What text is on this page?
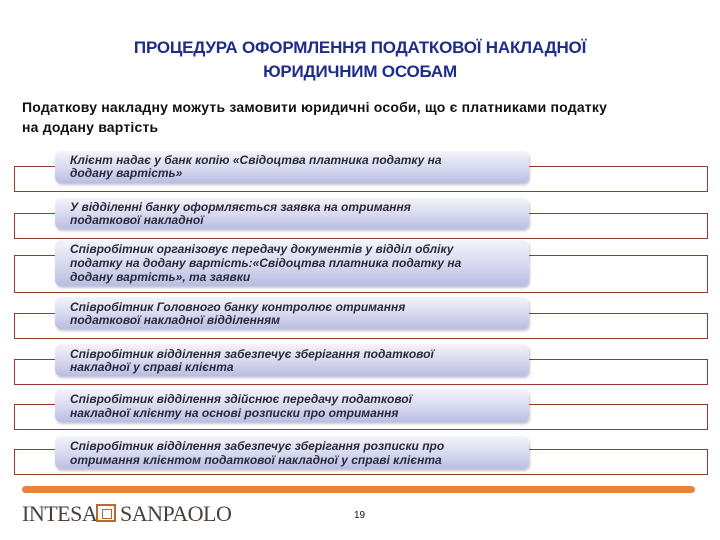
ПРОЦЕДУРА ОФОРМЛЕННЯ ПОДАТКОВОЇ НАКЛАДНОЇ
ЮРИДИЧНИМ ОСОБАМ
Податкову накладну можуть замовити юридичні особи, що є платниками податку
на додану вартість
Клієнт надає у банк копію «Свідоцтва платника податку на
додану вартість»
У відділенні банку оформляється заявка на отримання
податкової накладної
Співробітник організовує передачу документів у відділ обліку
податку на додану вартість:«Свідоцтва платника податку на
додану вартість», та заявки
Співробітник Головного банку контролює отримання
податкової накладної відділенням
Співробітник відділення забезпечує зберігання податкової
накладної у справі клієнта
Співробітник відділення здійснює передачу податкової
накладної клієнту на основі розписки про отримання
Співробітник відділення забезпечує зберігання розписки про
отримання клієнтом податкової накладної у справі клієнта
INTESA SANPAOLO	19
